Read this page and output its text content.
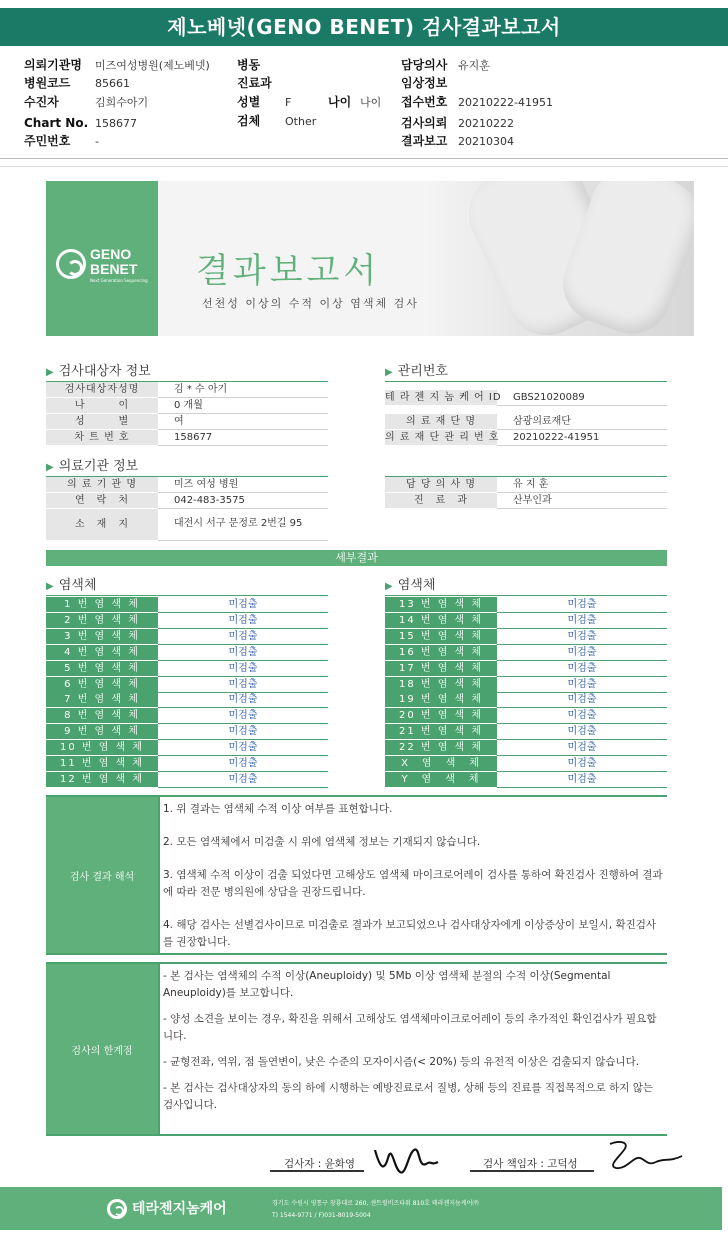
제노베넷(GENO BENET) 검사결과보고서
의뢰기관명 미즈여성병원(제노베넷) 병동	담당의사 유지훈
병원코드 85661	진료과	임상정보
수진자	김희수아기	성별 F	나이 나이 접수번호 20210222-41951
Chart No. 158677	검체 Other	검사의뢰 20210222
주민번호 -	결과보고 20210304
GENO
BENET
Next Generation Sequencing 결과보고서
선천성 이상의 수적 이상 염색체 검사
▶ 검사대상자 정보
검사대상자성명	김 * 수 아기
나　　　이	0 개월
성　　　별	여
차 트 번 호	158677
▶ 관리번호
테 라 젠 지 놈 케 어 ID	GBS21020089
의 료 재 단 명	삼광의료재단
의 료 재 단 관 리 번 호	20210222-41951
▶ 의료기관 정보
의 료 기 관 명	미즈 여성 병원
연　락　처	042-483-3575
소　재　지	대전시 서구 문정로 2번길 95
담 당 의 사 명	유 지 훈
진　료　과	산부인과
세부결과
▶ 염색체	▶ 염색체
1 번 염 색 체	미검출
2 번 염 색 체	미검출
3 번 염 색 체	미검출
4 번 염 색 체	미검출
5 번 염 색 체	미검출
6 번 염 색 체	미검출
7 번 염 색 체	미검출
8 번 염 색 체	미검출
9 번 염 색 체	미검출
10 번 염 색 체	미검출
11 번 염 색 체	미검출
12 번 염 색 체	미검출
13 번 염 색 체	미검출
14 번 염 색 체	미검출
15 번 염 색 체	미검출
16 번 염 색 체	미검출
17 번 염 색 체	미검출
18 번 염 색 체	미검출
19 번 염 색 체	미검출
20 번 염 색 체	미검출
21 번 염 색 체	미검출
22 번 염 색 체	미검출
X　염　색　체	미검출
Y　염　색　체	미검출
검사 결과 해석

1. 위 결과는 염색체 수적 이상 여부를 표현합니다.

2. 모든 염색체에서 미검출 시 위에 염색체 정보는 기재되지 않습니다.

3. 염색체 수적 이상이 검출 되었다면 고해상도 염색체 마이크로어레이 검사를 통하여 확진검사 진행하여 결과에 따라 전문 병의원에 상담을 권장드립니다.

4. 해당 검사는 선별검사이므로 미검출로 결과가 보고되었으나 검사대상자에게 이상증상이 보일시, 확진검사를 권장합니다.

검사의 한계점

- 본 검사는 염색체의 수적 이상(Aneuploidy) 및 5Mb 이상 염색체 분절의 수적 이상(Segmental Aneuploidy)를 보고합니다.

- 양성 소견을 보이는 경우, 확진을 위해서 고해상도 염색체마이크로어레이 등의 추가적인 확인검사가 필요합니다.

- 균형전좌, 역위, 점 돌연변이, 낮은 수준의 모자이시즘(< 20%) 등의 유전적 이상은 검출되지 않습니다.

- 본 검사는 검사대상자의 동의 하에 시행하는 예방진료로서 질병, 상해 등의 진료를 직접목적으로 하지 않는 검사입니다.

검사자 : 윤화영	검사 책임자 : 고덕성
테라젠지놈케어	경기도 수원시 영통구 창룡대로 260, 센트럴비즈타워 810호 테라젠지놈케어㈜
T) 1544-9771 / F)031-8019-5004
